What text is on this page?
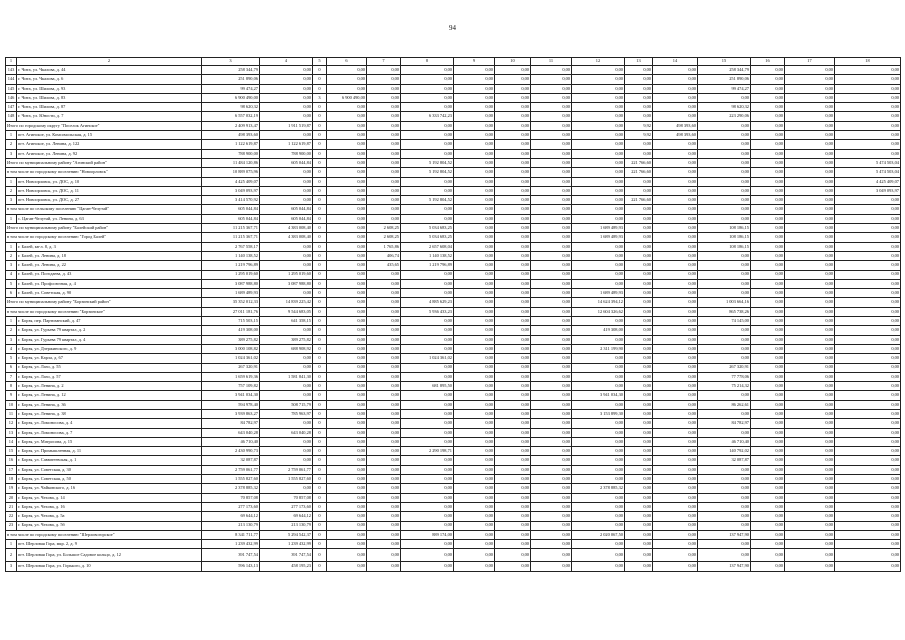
94
1	2	3	4	5	6	7	8	9	10	11	12	13	14	15	16	17	18
143	г. Чита, ул. Чкалова, д. 44	258 344,79	0,00	0	0,00	0,00	0,00	0,00	0,00	0,00	0,00	0,00	0,00	258 344,79	0,00	0,00	0,00
144	г. Чита, ул. Чкалова, д. 6	251 890,06	0,00	0	0,00	0,00	0,00	0,00	0,00	0,00	0,00	0,00	0,00	251 890,06	0,00	0,00	0,00
145	г. Чита, ул. Шилова, д. 93	99 474,27	0,00	0	0,00	0,00	0,00	0,00	0,00	0,00	0,00	0,00	0,00	99 474,27	0,00	0,00	0,00
146	г. Чита, ул. Шилова, д. 83	6 900 490,00	0,00	3	6 900 490,00	0,00	0,00	0,00	0,00	0,00	0,00	0,00	0,00	0,00	0,00	0,00	0,00
147	г. Чита, ул. Шилова, д. 87	98 620,32	0,00	0	0,00	0,00	0,00	0,00	0,00	0,00	0,00	0,00	0,00	98 620,32	0,00	0,00	0,00
148	г. Чита, ул. Юности, д. 7	6 557 032,19	0,00	0	0,00	0,00	6 333 742,23	0,00	0,00	0,00	0,00	0,00	0,00	223 290,06	0,00	0,00	0,00
Итого по городскому округу "Поселок Агинское"		2 409 913,47	1 911 519,87	0	0,00	0,00	0,00	0,00	0,00	0,00	0,00	9,92	498 393,60	0,00	0,00	0,00	0,00
1	пгт. Агинское, ул. Комсомольская, д. 15	498 393,60	0,00	0	0,00	0,00	0,00	0,00	0,00	0,00	0,00	9,92	498 393,60	0,00	0,00	0,00	0,00
2	пгт. Агинское, ул. Ленина, д. 122	1 122 619,87	1 122 619,87	0	0,00	0,00	0,00	0,00	0,00	0,00	0,00	0,00	0,00	0,00	0,00	0,00	0,00
3	пгт. Агинское, ул. Ленина, д. 92	788 900,00	788 900,00	0	0,00	0,00	0,00	0,00	0,00	0,00	0,00	0,00	0,00	0,00	0,00	0,00	0,00
Итого по муниципальному району "Агинский район"		11 484 120,86	605 044,84	0	0,00	0,00	5 192 804,52	0,00	0,00	0,00	0,00	221 766,60	0,00	0,00	0,00	0,00	5 474 503,04
в том числе по городскому поселению "Новоорловск"		10 889 075,96	0,00	0	0,00	0,00	5 192 804,52	0,00	0,00	0,00	0,00	221 766,60	0,00	0,00	0,00	0,00	5 474 503,04
1	пгт. Новоорловск, ул. ДОС, д. 10	4 425 409,07	0,00	0	0,00	0,00	0,00	0,00	0,00	0,00	0,00	0,00	0,00	0,00	0,00	0,00	4 425 409,07
2	пгт. Новоорловск, ул. ДОС, д. 11	3 049 093,97	0,00	0	0,00	0,00	0,00	0,00	0,00	0,00	0,00	0,00	0,00	0,00	0,00	0,00	3 049 093,97
3	пгт. Новоорловск, ул. ДОС, д. 27	3 414 570,92	0,00	0	0,00	0,00	5 192 804,52	0,00	0,00	0,00	0,00	221 766,60	0,00	0,00	0,00	0,00	0,00
в том числе по сельскому поселению "Цаган-Челутай"		605 044,84	605 044,84	0	0,00	0,00	0,00	0,00	0,00	0,00	0,00	0,00	0,00	0,00	0,00	0,00	0,00
1	с. Цаган-Челутай, ул. Ленина, д. 63	605 044,84	605 044,84	0	0,00	0,00	0,00	0,00	0,00	0,00	0,00	0,00	0,00	0,00	0,00	0,00	0,00
Итого по муниципальному району "Балейский район"		11 215 367,71	4 383 008,40	0	0,00	2 608,25	5 034 683,25	0,00	0,00	0,00	1 689 489,93	0,00	0,00	108 186,15	0,00	0,00	0,00
в том числе по городскому поселению "Город Балей"		11 215 367,71	4 383 008,40	0	0,00	2 608,25	5 034 683,25	0,00	0,00	0,00	1 689 489,93	0,00	0,00	108 186,15	0,00	0,00	0,00
1	г. Балей, кв-л. 8, д. 3	2 767 558,17	0,00	0	0,00	1 765,86	2 657 608,04	0,00	0,00	0,00	0,00	0,00	0,00	108 186,15	0,00	0,00	0,00
2	г. Балей, ул. Ленина, д. 18	1 140 138,52	0,00	0	0,00	406,74	1 140 138,52	0,00	0,00	0,00	0,00	0,00	0,00	0,00	0,00	0,00	0,00
3	г. Балей, ул. Ленина, д. 22	1 219 796,89	0,00	0	0,00	435,65	1 219 796,89	0,00	0,00	0,00	0,00	0,00	0,00	0,00	0,00	0,00	0,00
4	г. Балей, ул. Погодаева, д. 43	1 295 019,60	1 295 019,60	0	0,00	0,00	0,00	0,00	0,00	0,00	0,00	0,00	0,00	0,00	0,00	0,00	0,00
5	г. Балей, ул. Профсоюзная, д. 4	3 087 988,80	3 087 988,80	0	0,00	0,00	0,00	0,00	0,00	0,00	0,00	0,00	0,00	0,00	0,00	0,00	0,00
6	г. Балей, ул. Советская, д. 90	1 689 489,93	0,00	0	0,00	0,00	0,00	0,00	0,00	0,00	1 689 489,93	0,00	0,00	0,00	0,00	0,00	0,00
Итого по муниципальному району "Борзинский район"		35 352 012,33	14 839 225,42	0	0,00	0,00	4 885 629,23	0,00	0,00	0,00	14 624 394,12	0,00	0,00	1 003 664,16	0,00	0,00	0,00
в том числе по городскому поселению "Борзинское"		27 011 181,76	9 544 683,05	0	0,00	0,00	5 936 433,23	0,00	0,00	0,00	12 604 326,62	0,00	0,00	865 738,26	0,00	0,00	0,00
1	г. Борзя, пер. Партизанский, д. 47	715 503,15	641 358,15	0	0,00	0,00	0,00	0,00	0,00	0,00	0,00	0,00	0,00	74 145,00	0,00	0,00	0,00
2	г. Борзя, ул. Гурьева 79 квартал, д. 2	419 308,00	0,00	0	0,00	0,00	0,00	0,00	0,00	0,00	419 308,00	0,00	0,00	0,00	0,00	0,00	0,00
3	г. Борзя, ул. Гурьева 79 квартал, д. 4	389 275,82	389 275,82	0	0,00	0,00	0,00	0,00	0,00	0,00	0,00	0,00	0,00	0,00	0,00	0,00	0,00
4	г. Борзя, ул. Дзержинского, д. 9	3 000 108,82	688 908,92	0	0,00	0,00	0,00	0,00	0,00	0,00	2 311 199,90	0,00	0,00	0,00	0,00	0,00	0,00
5	г. Борзя, ул. Карла, д. 67	1 024 361,02	0,00	0	0,00	0,00	1 024 361,02	0,00	0,00	0,00	0,00	0,00	0,00	0,00	0,00	0,00	0,00
6	г. Борзя, ул. Лазо, д. 55	267 320,91	0,00	0	0,00	0,00	0,00	0,00	0,00	0,00	0,00	0,00	0,00	267 320,91	0,00	0,00	0,00
7	г. Борзя, ул. Лазо, д. 57	1 659 619,36	1 581 841,30	0	0,00	0,00	0,00	0,00	0,00	0,00	0,00	0,00	0,00	77 778,06	0,00	0,00	0,00
8	г. Борзя, ул. Ленина, д. 2	757 109,82	0,00	0	0,00	0,00	681 895,50	0,00	0,00	0,00	0,00	0,00	0,00	75 214,32	0,00	0,00	0,00
9	г. Борзя, ул. Ленина, д. 12	3 941 034,30	0,00	0	0,00	0,00	0,00	0,00	0,00	0,00	3 941 034,30	0,00	0,00	0,00	0,00	0,00	0,00
10	г. Борзя, ул. Ленина, д. 36	594 978,40	508 715,79	0	0,00	0,00	0,00	0,00	0,00	0,00	0,00	0,00	0,00	86 262,61	0,00	0,00	0,00
11	г. Борзя, ул. Ленина, д. 38	3 939 863,27	785 963,97	0	0,00	0,00	0,00	0,00	0,00	0,00	3 153 899,30	0,00	0,00	0,00	0,00	0,00	0,00
12	г. Борзя, ул. Ломоносова, д. 4	84 782,97	0,00	0	0,00	0,00	0,00	0,00	0,00	0,00	0,00	0,00	0,00	84 782,97	0,00	0,00	0,00
13	г. Борзя, ул. Ломоносова, д. 7	643 040,28	643 040,28	0	0,00	0,00	0,00	0,00	0,00	0,00	0,00	0,00	0,00	0,00	0,00	0,00	0,00
14	г. Борзя, ул. Матросова, д. 15	46 710,40	0,00	0	0,00	0,00	0,00	0,00	0,00	0,00	0,00	0,00	0,00	46 710,40	0,00	0,00	0,00
15	г. Борзя, ул. Промышленная, д. 11	2 430 990,73	0,00	0	0,00	0,00	2 290 198,71	0,00	0,00	0,00	0,00	0,00	0,00	140 792,02	0,00	0,00	0,00
16	г. Борзя, ул. Савватеевская, д. 1	32 087,87	0,00	0	0,00	0,00	0,00	0,00	0,00	0,00	0,00	0,00	0,00	32 087,87	0,00	0,00	0,00
17	г. Борзя, ул. Советская, д. 30	2 759 061,77	2 759 061,77	0	0,00	0,00	0,00	0,00	0,00	0,00	0,00	0,00	0,00	0,00	0,00	0,00	0,00
18	г. Борзя, ул. Советская, д. 50	1 555 827,60	1 555 827,60	0	0,00	0,00	0,00	0,00	0,00	0,00	0,00	0,00	0,00	0,00	0,00	0,00	0,00
19	г. Борзя, ул. Чайковского, д. 16	2 378 885,32	0,00	0	0,00	0,00	0,00	0,00	0,00	0,00	2 378 885,32	0,00	0,00	0,00	0,00	0,00	0,00
20	г. Борзя, ул. Чехова, д. 14	70 857,08	70 857,08	0	0,00	0,00	0,00	0,00	0,00	0,00	0,00	0,00	0,00	0,00	0,00	0,00	0,00
21	г. Борзя, ул. Чехова, д. 16	277 173,60	277 173,60	0	0,00	0,00	0,00	0,00	0,00	0,00	0,00	0,00	0,00	0,00	0,00	0,00	0,00
22	г. Борзя, ул. Чехова, д. 5а	69 644,12	69 644,12	0	0,00	0,00	0,00	0,00	0,00	0,00	0,00	0,00	0,00	0,00	0,00	0,00	0,00
23	г. Борзя, ул. Чехова, д. 5б	213 130,79	213 130,79	0	0,00	0,00	0,00	0,00	0,00	0,00	0,00	0,00	0,00	0,00	0,00	0,00	0,00
в том числе по городскому поселению "Шерловогорское"		8 341 711,77	5 294 542,37	0	0,00	0,00	889 174,00	0,00	0,00	0,00	2 020 067,50	0,00	0,00	137 947,90	0,00	0,00	0,00
1	пгт. Шерловая Гора, мкр. 2, д. 9	1 239 432,99	1 239 432,99	0	0,00	0,00	0,00	0,00	0,00	0,00	0,00	0,00	0,00	0,00	0,00	0,00	0,00
2	пгт. Шерловая Гора, ул. Большое Садовое кольцо, д. 12	391 747,54	391 747,54	0	0,00	0,00	0,00	0,00	0,00	0,00	0,00	0,00	0,00	0,00	0,00	0,00	0,00
3	пгт. Шерловая Гора, ул. Горького, д. 10	596 143,13	458 195,23	0	0,00	0,00	0,00	0,00	0,00	0,00	0,00	0,00	0,00	137 947,90	0,00	0,00	0,00
